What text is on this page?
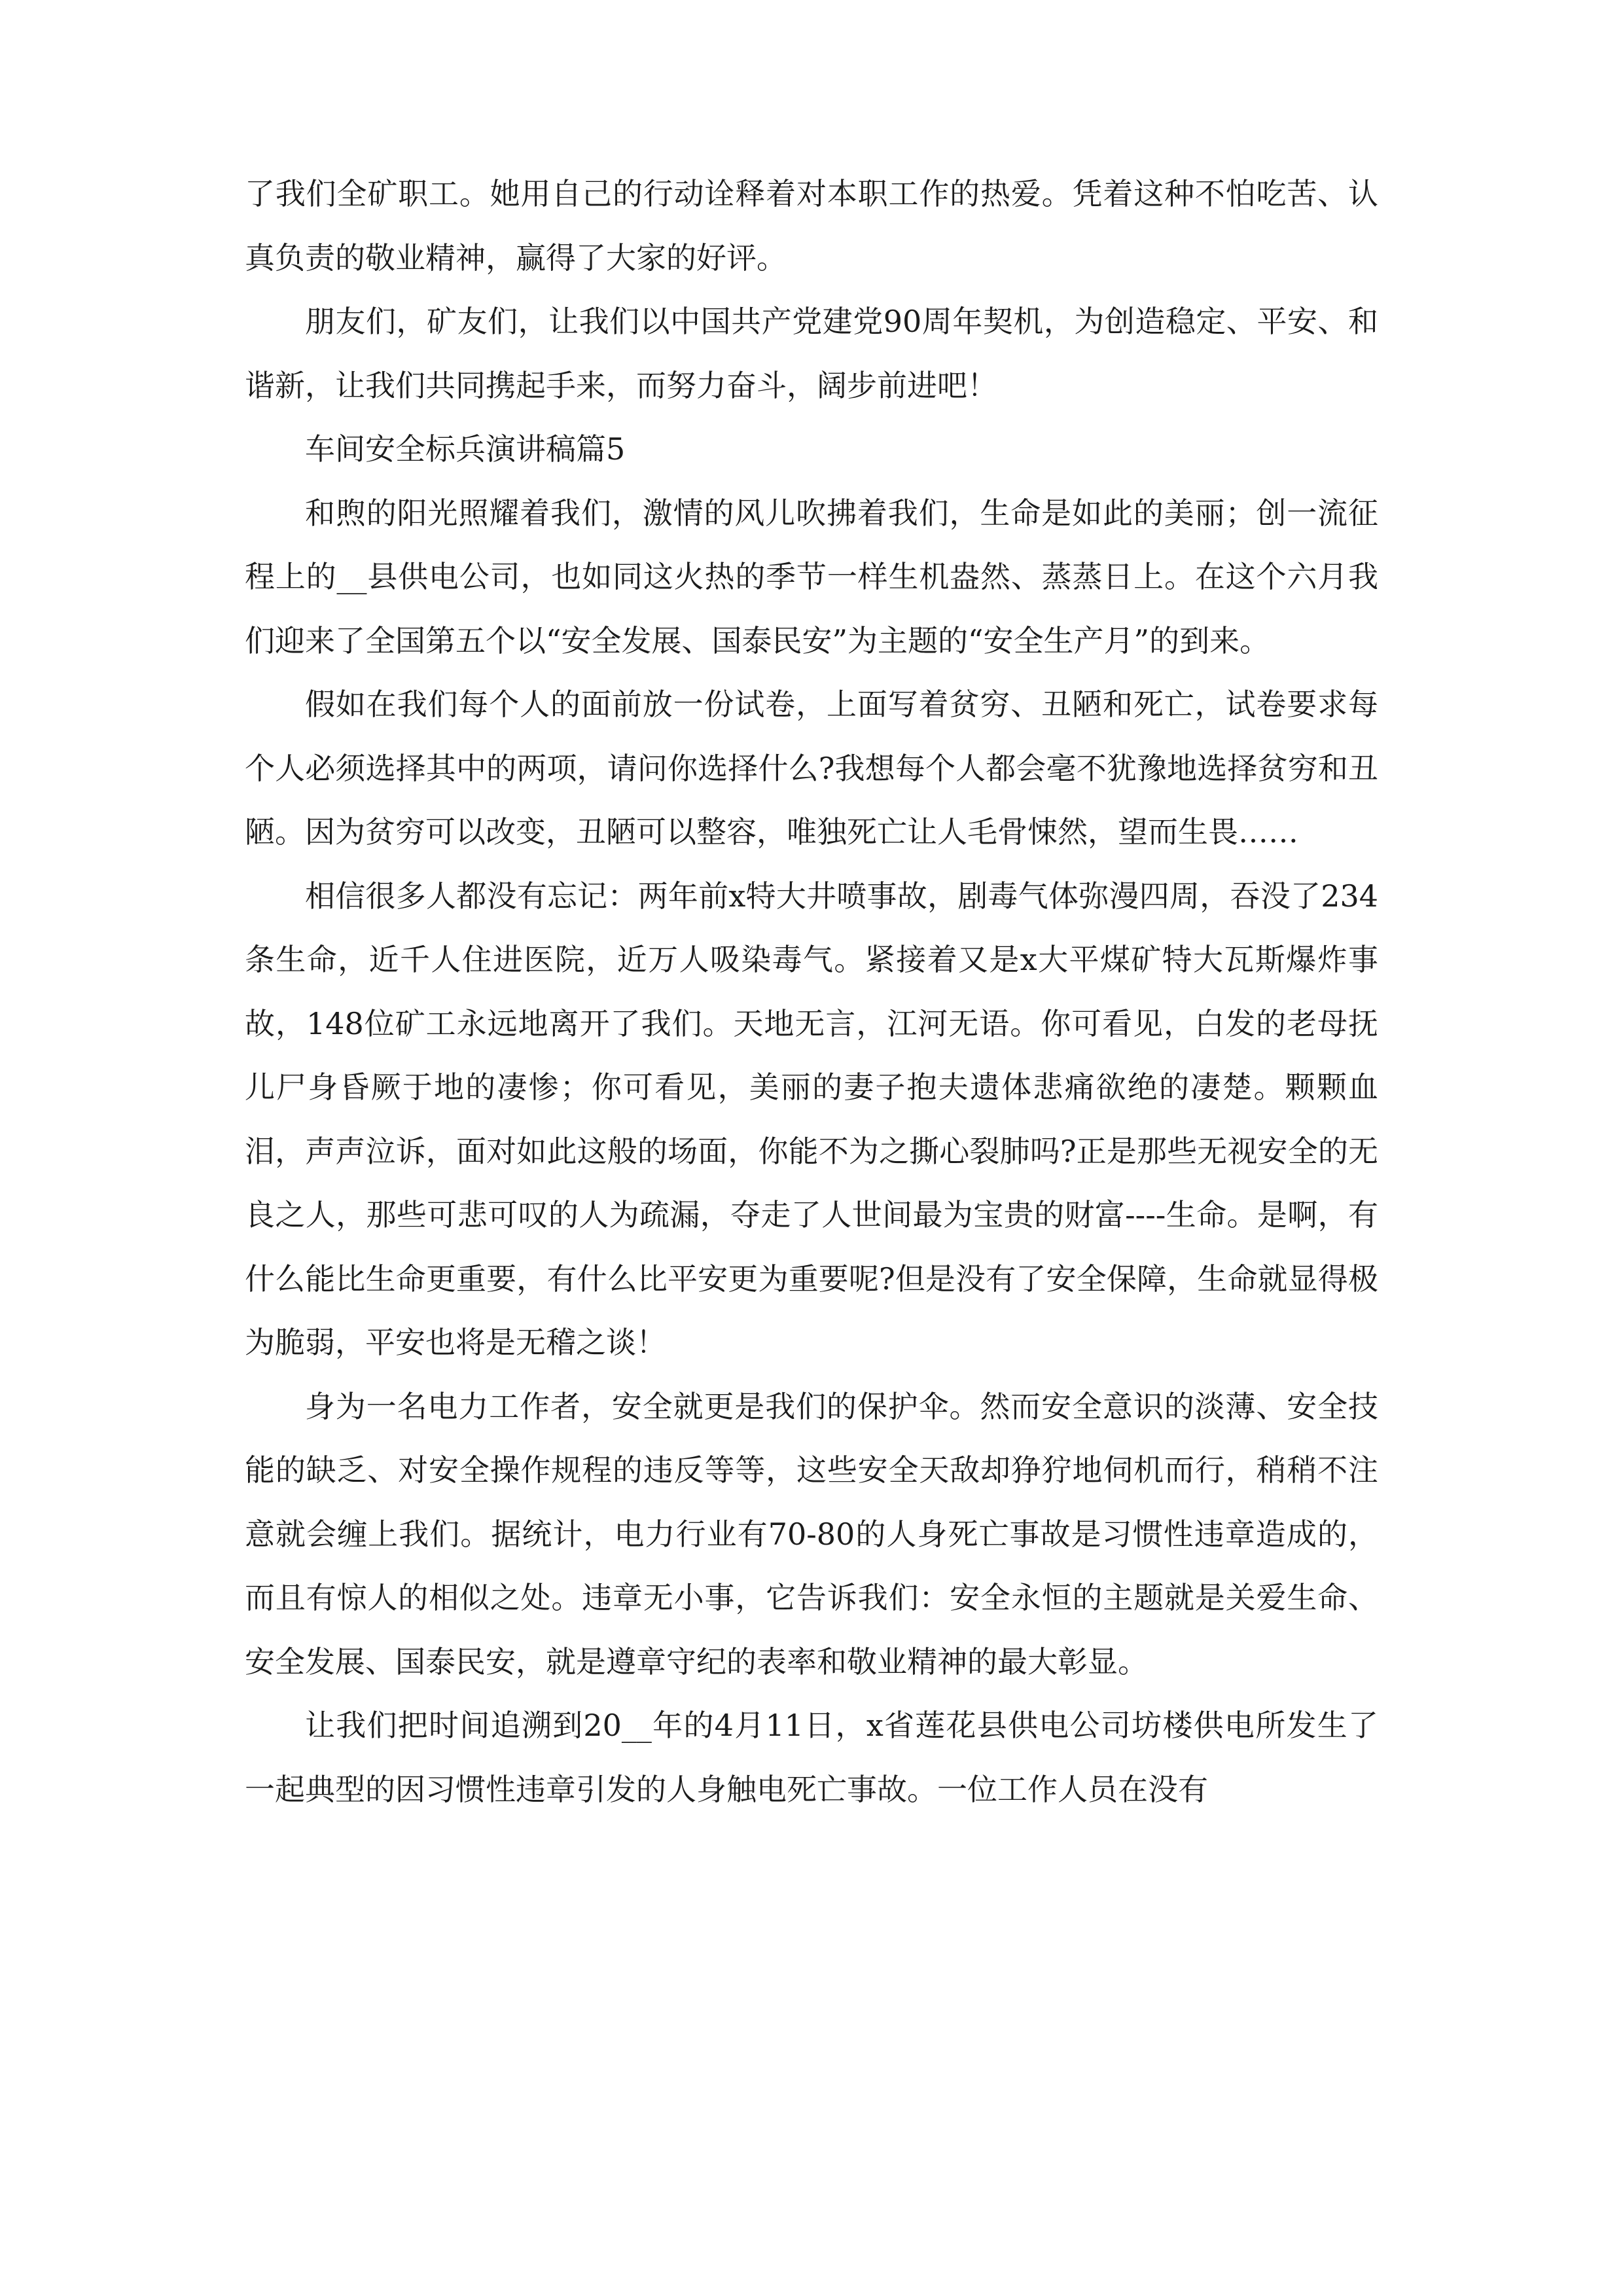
了我们全矿职工。她用自己的行动诠释着对本职工作的热爱。凭着这种不怕吃苦、认真负责的敬业精神，赢得了大家的好评。

朋友们，矿友们，让我们以中国共产党建党90周年契机，为创造稳定、平安、和谐新，让我们共同携起手来，而努力奋斗，阔步前进吧！

车间安全标兵演讲稿篇5

和煦的阳光照耀着我们，激情的风儿吹拂着我们，生命是如此的美丽；创一流征程上的__县供电公司，也如同这火热的季节一样生机盎然、蒸蒸日上。在这个六月我们迎来了全国第五个以“安全发展、国泰民安”为主题的“安全生产月”的到来。

假如在我们每个人的面前放一份试卷，上面写着贫穷、丑陋和死亡，试卷要求每个人必须选择其中的两项，请问你选择什么?我想每个人都会毫不犹豫地选择贫穷和丑陋。因为贫穷可以改变，丑陋可以整容，唯独死亡让人毛骨悚然，望而生畏……

相信很多人都没有忘记：两年前x特大井喷事故，剧毒气体弥漫四周，吞没了234条生命，近千人住进医院，近万人吸染毒气。紧接着又是x大平煤矿特大瓦斯爆炸事故，148位矿工永远地离开了我们。天地无言，江河无语。你可看见，白发的老母抚儿尸身昏厥于地的凄惨；你可看见，美丽的妻子抱夫遗体悲痛欲绝的凄楚。颗颗血泪，声声泣诉，面对如此这般的场面，你能不为之撕心裂肺吗?正是那些无视安全的无良之人，那些可悲可叹的人为疏漏，夺走了人世间最为宝贵的财富----生命。是啊，有什么能比生命更重要，有什么比平安更为重要呢?但是没有了安全保障，生命就显得极为脆弱，平安也将是无稽之谈！

身为一名电力工作者，安全就更是我们的保护伞。然而安全意识的淡薄、安全技能的缺乏、对安全操作规程的违反等等，这些安全天敌却狰狞地伺机而行，稍稍不注意就会缠上我们。据统计，电力行业有70-80的人身死亡事故是习惯性违章造成的，而且有惊人的相似之处。违章无小事，它告诉我们：安全永恒的主题就是关爱生命、安全发展、国泰民安，就是遵章守纪的表率和敬业精神的最大彰显。

让我们把时间追溯到20__年的4月11日，x省莲花县供电公司坊楼供电所发生了一起典型的因习惯性违章引发的人身触电死亡事故。一位工作人员在没有
